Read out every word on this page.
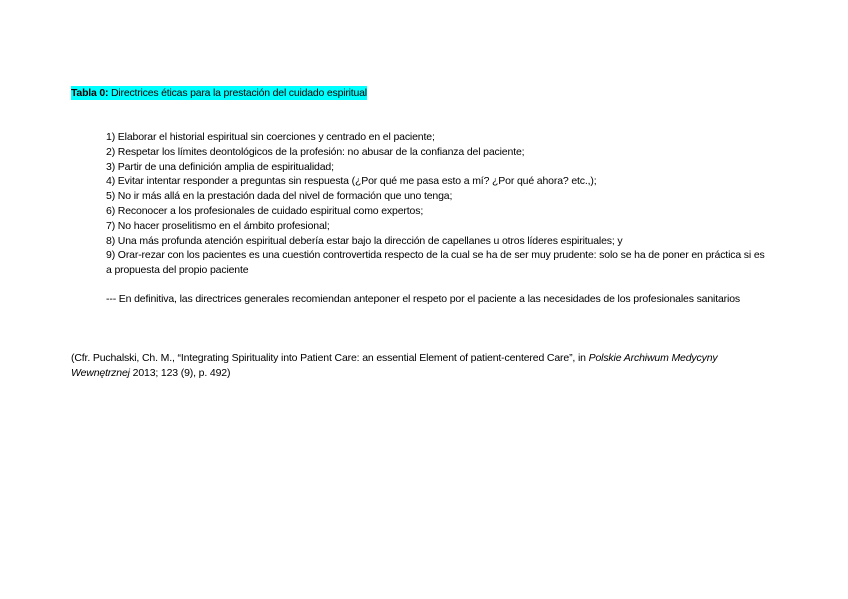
Tabla 0: Directrices éticas para la prestación del cuidado espiritual
1) Elaborar el historial espiritual sin coerciones y centrado en el paciente;
2) Respetar los límites deontológicos de la profesión: no abusar de la confianza del paciente;
3) Partir de una definición amplia de espiritualidad;
4) Evitar intentar responder a preguntas sin respuesta (¿Por qué me pasa esto a mí? ¿Por qué ahora? etc.,);
5) No ir más allá en la prestación dada del nivel de formación que uno tenga;
6) Reconocer a los profesionales de cuidado espiritual como expertos;
7) No hacer proselitismo en el ámbito profesional;
8) Una más profunda atención espiritual debería estar bajo la dirección de capellanes u otros líderes espirituales; y
9) Orar-rezar con los pacientes es una cuestión controvertida respecto de la cual se ha de ser muy prudente: solo se ha de poner en práctica si es a propuesta del propio paciente
--- En definitiva, las directrices generales recomiendan anteponer el respeto por el paciente a las necesidades de los profesionales sanitarios
(Cfr. Puchalski, Ch. M., “Integrating Spirituality into Patient Care: an essential Element of patient-centered Care”, in Polskie Archiwum Medycyny Wewnętrznej 2013; 123 (9), p. 492)
